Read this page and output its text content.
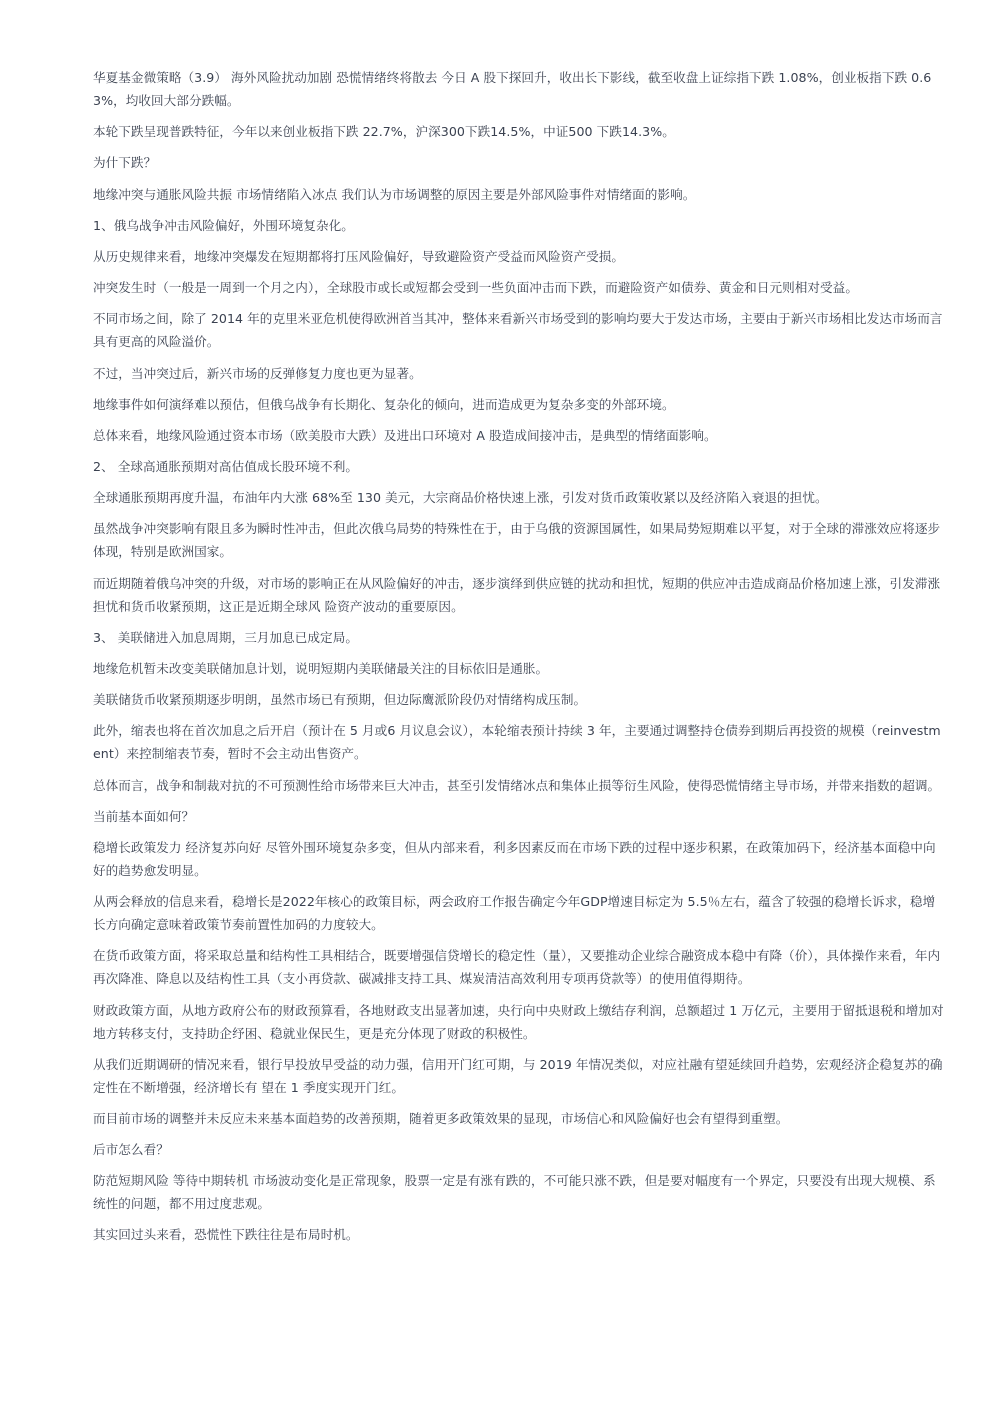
华夏基金微策略（3.9） 海外风险扰动加剧 恐慌情绪终将散去 今日 A 股下探回升，收出长下影线，截至收盘上证综指下跌 1.08%，创业板指下跌 0.63%，均收回大部分跌幅。

本轮下跌呈现普跌特征，今年以来创业板指下跌 22.7%，沪深300下跌14.5%，中证500 下跌14.3%。

为什下跌？

地缘冲突与通胀风险共振 市场情绪陷入冰点 我们认为市场调整的原因主要是外部风险事件对情绪面的影响。

1、俄乌战争冲击风险偏好，外围环境复杂化。

从历史规律来看，地缘冲突爆发在短期都将打压风险偏好，导致避险资产受益而风险资产受损。

冲突发生时（一般是一周到一个月之内），全球股市或长或短都会受到一些负面冲击而下跌，而避险资产如债券、黄金和日元则相对受益。

不同市场之间，除了 2014 年的克里米亚危机使得欧洲首当其冲，整体来看新兴市场受到的影响均要大于发达市场，主要由于新兴市场相比发达市场而言具有更高的风险溢价。

不过，当冲突过后，新兴市场的反弹修复力度也更为显著。

地缘事件如何演绎难以预估，但俄乌战争有长期化、复杂化的倾向，进而造成更为复杂多变的外部环境。

总体来看，地缘风险通过资本市场（欧美股市大跌）及进出口环境对 A 股造成间接冲击，是典型的情绪面影响。

2、 全球高通胀预期对高估值成长股环境不利。

全球通胀预期再度升温，布油年内大涨 68%至 130 美元，大宗商品价格快速上涨，引发对货币政策收紧以及经济陷入衰退的担忧。

虽然战争冲突影响有限且多为瞬时性冲击，但此次俄乌局势的特殊性在于，由于乌俄的资源国属性，如果局势短期难以平复，对于全球的滞涨效应将逐步体现，特别是欧洲国家。

而近期随着俄乌冲突的升级，对市场的影响正在从风险偏好的冲击，逐步演绎到供应链的扰动和担忧，短期的供应冲击造成商品价格加速上涨，引发滞涨担忧和货币收紧预期，这正是近期全球风 险资产波动的重要原因。

3、 美联储进入加息周期，三月加息已成定局。

地缘危机暂未改变美联储加息计划，说明短期内美联储最关注的目标依旧是通胀。

美联储货币收紧预期逐步明朗，虽然市场已有预期，但边际鹰派阶段仍对情绪构成压制。

此外，缩表也将在首次加息之后开启（预计在 5 月或6 月议息会议），本轮缩表预计持续 3 年，主要通过调整持仓债券到期后再投资的规模（reinvestment）来控制缩表节奏，暂时不会主动出售资产。

总体而言，战争和制裁对抗的不可预测性给市场带来巨大冲击，甚至引发情绪冰点和集体止损等衍生风险，使得恐慌情绪主导市场，并带来指数的超调。

当前基本面如何？

稳增长政策发力 经济复苏向好 尽管外围环境复杂多变，但从内部来看，利多因素反而在市场下跌的过程中逐步积累，在政策加码下，经济基本面稳中向好的趋势愈发明显。

从两会释放的信息来看，稳增长是2022年核心的政策目标，两会政府工作报告确定今年GDP增速目标定为 5.5％左右，蕴含了较强的稳增长诉求，稳增长方向确定意味着政策节奏前置性加码的力度较大。

在货币政策方面，将采取总量和结构性工具相结合，既要增强信贷增长的稳定性（量），又要推动企业综合融资成本稳中有降（价），具体操作来看，年内再次降准、降息以及结构性工具（支小再贷款、碳减排支持工具、煤炭清洁高效利用专项再贷款等）的使用值得期待。

财政政策方面，从地方政府公布的财政预算看，各地财政支出显著加速，央行向中央财政上缴结存利润，总额超过 1 万亿元，主要用于留抵退税和增加对地方转移支付，支持助企纾困、稳就业保民生，更是充分体现了财政的积极性。

从我们近期调研的情况来看，银行早投放早受益的动力强，信用开门红可期，与 2019 年情况类似，对应社融有望延续回升趋势，宏观经济企稳复苏的确定性在不断增强，经济增长有 望在 1 季度实现开门红。

而目前市场的调整并未反应未来基本面趋势的改善预期，随着更多政策效果的显现，市场信心和风险偏好也会有望得到重塑。

后市怎么看？

防范短期风险 等待中期转机 市场波动变化是正常现象，股票一定是有涨有跌的，不可能只涨不跌，但是要对幅度有一个界定，只要没有出现大规模、系统性的问题，都不用过度悲观。

其实回过头来看，恐慌性下跌往往是布局时机。
